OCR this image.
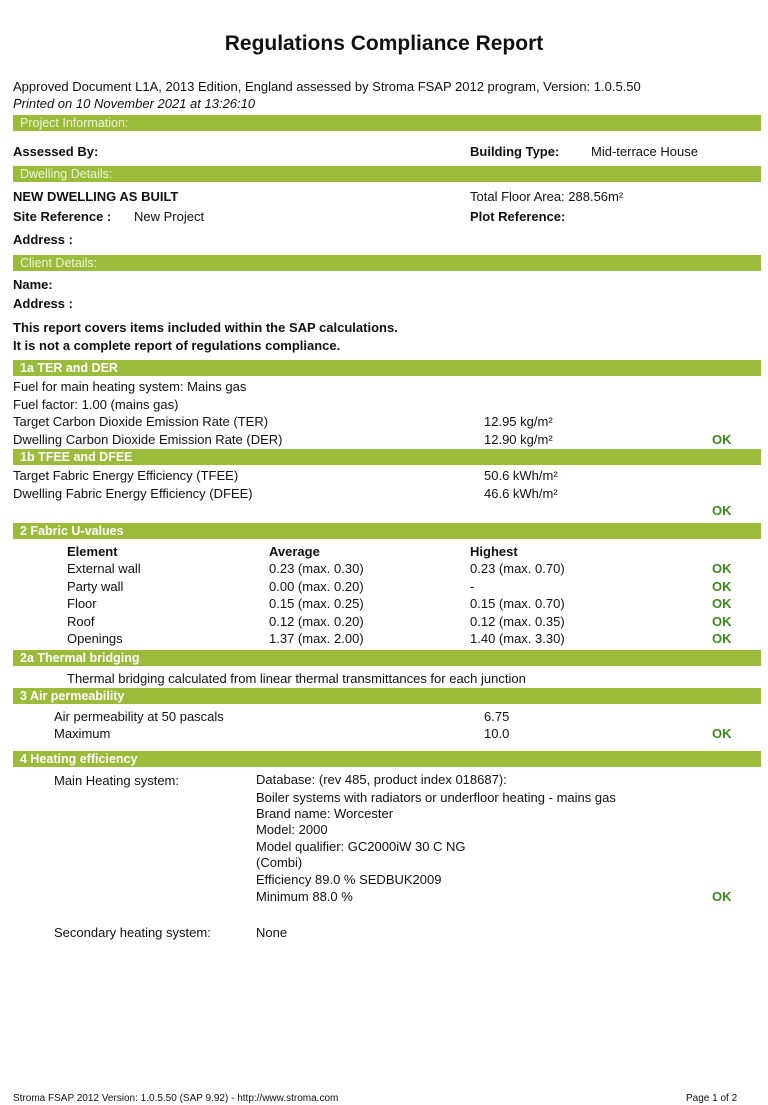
Regulations Compliance Report
Approved Document L1A, 2013 Edition, England assessed by Stroma FSAP 2012 program, Version: 1.0.5.50
Printed on 10 November 2021 at 13:26:10
Project Information:
Assessed By:	Building Type: Mid-terrace House
Dwelling Details:
NEW DWELLING AS BUILT	Total Floor Area: 288.56m²
Site Reference : New Project	Plot Reference:
Address :
Client Details:
Name:
Address :
This report covers items included within the SAP calculations.
It is not a complete report of regulations compliance.
1a TER and DER
Fuel for main heating system: Mains gas
Fuel factor: 1.00 (mains gas)
Target Carbon Dioxide Emission Rate (TER)	12.95 kg/m²
Dwelling Carbon Dioxide Emission Rate (DER)	12.90 kg/m²	OK
1b TFEE and DFEE
Target Fabric Energy Efficiency (TFEE)	50.6 kWh/m²
Dwelling Fabric Energy Efficiency (DFEE)	46.6 kWh/m²
OK
2 Fabric U-values
Element	Average	Highest
External wall	0.23 (max. 0.30)	0.23 (max. 0.70)	OK
Party wall	0.00 (max. 0.20)	-	OK
Floor	0.15 (max. 0.25)	0.15 (max. 0.70)	OK
Roof	0.12 (max. 0.20)	0.12 (max. 0.35)	OK
Openings	1.37 (max. 2.00)	1.40 (max. 3.30)	OK
2a Thermal bridging
Thermal bridging calculated from linear thermal transmittances for each junction
3 Air permeability
Air permeability at 50 pascals	6.75
Maximum	10.0	OK
4 Heating efficiency
Main Heating system:	Database: (rev 485, product index 018687):
Boiler systems with radiators or underfloor heating - mains gas
Brand name: Worcester
Model: 2000
Model qualifier: GC2000iW 30 C NG
(Combi)
Efficiency 89.0 % SEDBUK2009
Minimum 88.0 %	OK
Secondary heating system:	None
Stroma FSAP 2012 Version: 1.0.5.50 (SAP 9.92) - http://www.stroma.com	Page 1 of 2
